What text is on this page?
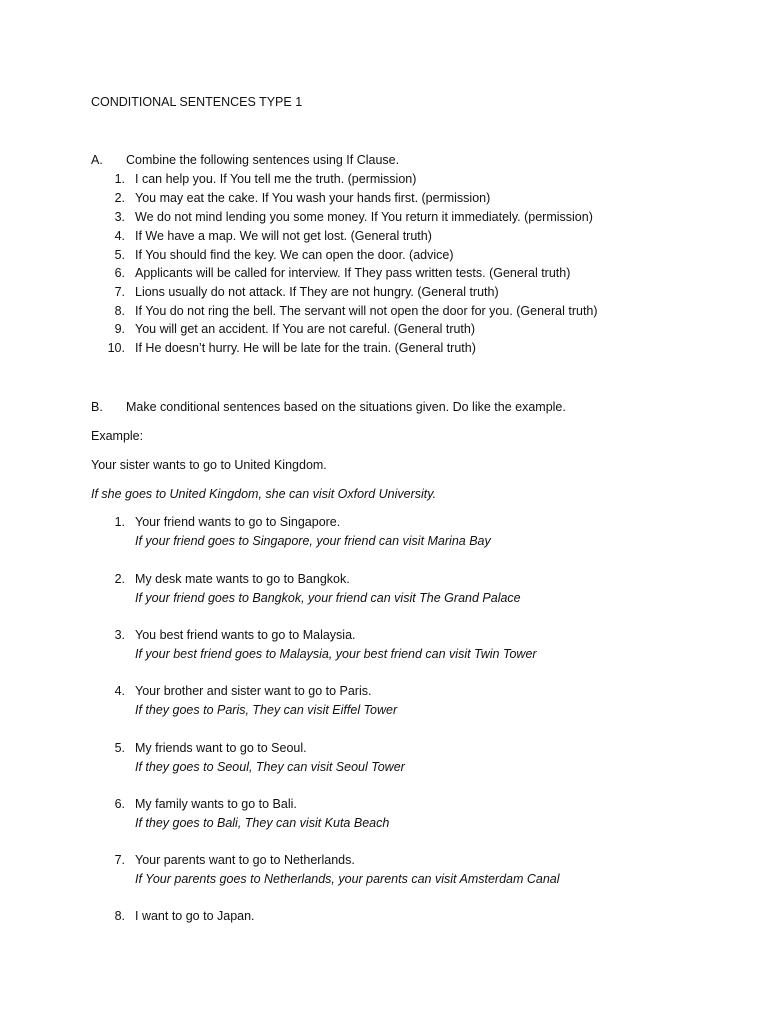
CONDITIONAL SENTENCES TYPE 1
A. Combine the following sentences using If Clause.
1. I can help you. If You tell me the truth. (permission)
2. You may eat the cake. If You wash your hands first. (permission)
3. We do not mind lending you some money. If You return it immediately. (permission)
4. If We have a map. We will not get lost. (General truth)
5. If You should find the key. We can open the door. (advice)
6. Applicants will be called for interview. If They pass written tests. (General truth)
7. Lions usually do not attack. If They are not hungry. (General truth)
8. If You do not ring the bell. The servant will not open the door for you. (General truth)
9. You will get an accident. If You are not careful. (General truth)
10. If He doesn’t hurry. He will be late for the train. (General truth)
B. Make conditional sentences based on the situations given. Do like the example.
Example:
Your sister wants to go to United Kingdom.
If she goes to United Kingdom, she can visit Oxford University.
1. Your friend wants to go to Singapore.
If your friend goes to Singapore, your friend can visit Marina Bay
2. My desk mate wants to go to Bangkok.
If your friend goes to Bangkok, your friend can visit The Grand Palace
3. You best friend wants to go to Malaysia.
If your best friend goes to Malaysia, your best friend can visit Twin Tower
4. Your brother and sister want to go to Paris.
If they goes to Paris, They can visit Eiffel Tower
5. My friends want to go to Seoul.
If they goes to Seoul, They can visit Seoul Tower
6. My family wants to go to Bali.
If they goes to Bali, They can visit Kuta Beach
7. Your parents want to go to Netherlands.
If Your parents goes to Netherlands, your parents can visit Amsterdam Canal
8. I want to go to Japan.
